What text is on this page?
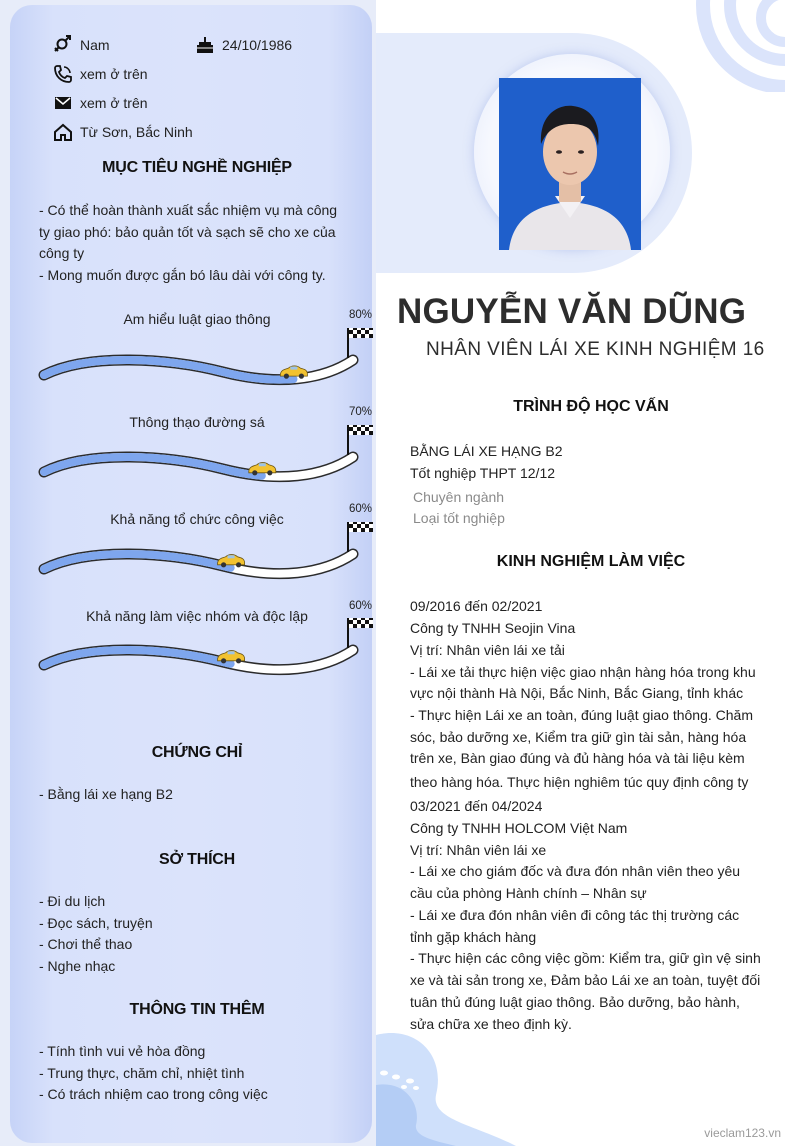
Nam	24/10/1986
xem ở trên
xem ở trên
Từ Sơn, Bắc Ninh
MỤC TIÊU NGHỀ NGHIỆP
- Có thể hoàn thành xuất sắc nhiệm vụ mà công
ty giao phó: bảo quản tốt và sạch sẽ cho xe của
công ty
- Mong muốn được gắn bó lâu dài với công ty.
Am hiểu luật giao thông	80%
Thông thạo đường sá
70%
Khả năng tổ chức công việc
60%
Khả năng làm việc nhóm và độc lập
60%
CHỨNG CHỈ
- Bằng lái xe hạng B2
SỞ THÍCH
- Đi du lịch
- Đọc sách, truyện
- Chơi thể thao
- Nghe nhạc
THÔNG TIN THÊM
- Tính tình vui vẻ hòa đồng
- Trung thực, chăm chỉ, nhiệt tình
- Có trách nhiệm cao trong công việc
NGUYỄN VĂN DŨNG
NHÂN VIÊN LÁI XE KINH NGHIỆM 16
TRÌNH ĐỘ HỌC VẤN
BẰNG LÁI XE HẠNG B2
Tốt nghiệp THPT 12/12
Chuyên ngành
Loại tốt nghiệp
KINH NGHIỆM LÀM VIỆC
09/2016 đến 02/2021
Công ty TNHH Seojin Vina
Vị trí: Nhân viên lái xe tải
- Lái xe tải thực hiện việc giao nhận hàng hóa trong khu
vực nội thành Hà Nội, Bắc Ninh, Bắc Giang, tỉnh khác
- Thực hiện Lái xe an toàn, đúng luật giao thông. Chăm
sóc, bảo dưỡng xe, Kiểm tra giữ gìn tài sản, hàng hóa
trên xe, Bàn giao đúng và đủ hàng hóa và tài liệu kèm
theo hàng hóa. Thực hiện nghiêm túc quy định công ty
03/2021 đến 04/2024
Công ty TNHH HOLCOM Việt Nam
Vị trí: Nhân viên lái xe
- Lái xe cho giám đốc và đưa đón nhân viên theo yêu
cầu của phòng Hành chính – Nhân sự
- Lái xe đưa đón nhân viên đi công tác thị trường các
tỉnh gặp khách hàng
- Thực hiện các công việc gồm: Kiểm tra, giữ gìn vệ sinh
xe và tài sản trong xe, Đảm bảo Lái xe an toàn, tuyệt đối
tuân thủ đúng luật giao thông. Bảo dưỡng, bảo hành,
sửa chữa xe theo định kỳ.
vieclam123.vn
